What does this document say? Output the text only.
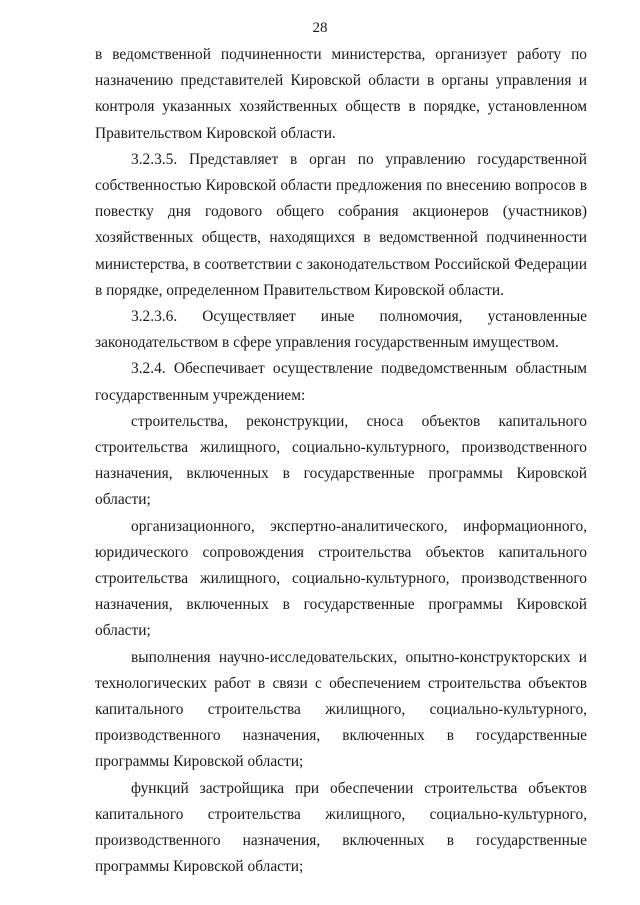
28

в ведомственной подчиненности министерства, организует работу по назначению представителей Кировской области в органы управления и контроля указанных хозяйственных обществ в порядке, установленном Правительством Кировской области.

3.2.3.5. Представляет в орган по управлению государственной собственностью Кировской области предложения по внесению вопросов в повестку дня годового общего собрания акционеров (участников) хозяйственных обществ, находящихся в ведомственной подчиненности министерства, в соответствии с законодательством Российской Федерации в порядке, определенном Правительством Кировской области.

3.2.3.6. Осуществляет иные полномочия, установленные законодательством в сфере управления государственным имуществом.

3.2.4. Обеспечивает осуществление подведомственным областным государственным учреждением:

строительства, реконструкции, сноса объектов капитального строительства жилищного, социально-культурного, производственного назначения, включенных в государственные программы Кировской области;

организационного, экспертно-аналитического, информационного, юридического сопровождения строительства объектов капитального строительства жилищного, социально-культурного, производственного назначения, включенных в государственные программы Кировской области;

выполнения научно-исследовательских, опытно-конструкторских и технологических работ в связи с обеспечением строительства объектов капитального строительства жилищного, социально-культурного, производственного назначения, включенных в государственные программы Кировской области;

функций застройщика при обеспечении строительства объектов капитального строительства жилищного, социально-культурного, производственного назначения, включенных в государственные программы Кировской области;
